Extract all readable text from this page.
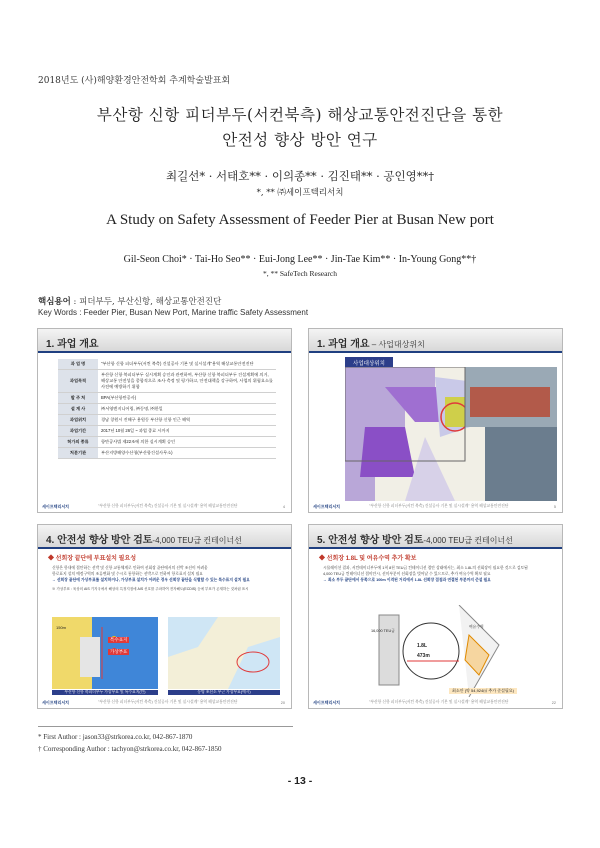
2018년도 (사)해양환경안전학회 추계학술발표회
부산항 신항 피더부두(서컨북측) 해상교통안전진단을 통한
안전성 향상 방안 연구
최길선* · 서태호** · 이의종** · 김진태** · 공인영**†
*, ** ㈜세이프텍리서치
A Study on Safety Assessment of Feeder Pier at Busan New port
Gil-Seon Choi* · Tai-Ho Seo** · Eui-Jong Lee** · Jin-Tae Kim** · In-Young Gong**†
*, ** SafeTech Research
핵심용어 : 피더부두, 부산신항, 해상교통안전진단
Key Words : Feeder Pier, Busan New Port, Marine traffic Safety Assessment
1. 과업 개요
과 업 명	"부산항 신항 피더부두(서컨 북측) 건설공사 기본 및 실시설계"용역 해상교통안전진단
과업목적	부산항 신항 북피더부두 실시계획 승인과 관련하여, 부산항 신항 북피더부두 건설계획에 의거, 해상교통 안전성을 종합적으로 조사·측정 및 평가하고, 안전대책을 강구하여, 사업의 위험요소를 사전에 예방하기 위함
발 주 처	BPA(부산항만공사)
설 계 사	㈜서영엔지니어링, ㈜동명, ㈜한일
과업위치	경남 창원시 진해구 용원동 부산항 신항 인근 해역
과업기간	2017년 10월 26일 ~ 과업 종료 시까지
허가의 종류	항만공사법 제22조에 의한 실시계획 승인
처분기관	부산지방해양수산청(부산항건설사무소)
세이프텍리서치	"부산항 신항 피더부두(서컨 북측) 건설공사 기본 및 실시설계" 용역 해상교통안전진단	4
1. 과업 개요 – 사업대상위치
사업대상위치
세이프텍리서치	"부산항 신항 피더부두(서컨 북측) 건설공사 기본 및 실시설계" 용역 해상교통안전진단	5
4. 안전성 향상 방안 검토-4,000 TEU급 컨테이너선
◆ 선회장 끝단에 부표설치 필요성
신항은 항내에 접안하는 선박 및 신항 교통체계로 인하여 선회장 끝단에서의 선박 조선이 어려움
항로표지 설치 예정구역의 조류변화 및 수시로 통항하는 선박으로 인하여 항로표지 설치 필요
→ 선회장 끝단에 가상부표를 설치하거나, 가상부표 설치가 어려운 경우 선회장 끝단을 식별할 수 있는 특수표지 설치 필요
※ 가상부표 : 육상의 AIS 기지국에서 해상의 특정지점에 AIS 신호를 주파하여 전자해도(ECDIS) 등에 부표가 존재하는 것처럼 표시
특수표지
가상부표
150m
부산항 신항 북피더부두 가상부표 및 특수표지(안)	동명 조선소 부근 가상부표(예시)
세이프텍리서치	"부산항 신항 피더부두(서컨 북측) 건설공사 기본 및 실시설계" 용역 해상교통안전진단	20
5. 안전성 향상 방안 검토-4,000 TEU급 컨테이너선
◆ 선회장 1.8L 및 여유수역 추가 확보
시뮬레이션 결과, 서컨테이너부두에 1척 8천 TEU급 컨테이너선 접안 상태에서는, 최소 1.8L의 선회장이 필요한 것으로 검토됨
4,000 TEU급 컨테이너선 접이안시, 선미부분이 선회장을 벗어날 수 있으므로, 추가 여유수역 확보 필요
→ 최소 부두 끝단에서 동쪽으로 100m 이격된 거리에서 1.8L 선회장 접점과 연결된 부분까지 준설 필요
1.8L
473m
16,000 TEU급
여유수역
최소안 (약 54,924㎡ 추가 준설필요)
세이프텍리서치	"부산항 신항 피더부두(서컨 북측) 건설공사 기본 및 실시설계" 용역 해상교통안전진단	22
* First Author : jason33@strkorea.co.kr, 042-867-1870
† Corresponding Author : tachyon@strkorea.co.kr, 042-867-1850
- 13 -
